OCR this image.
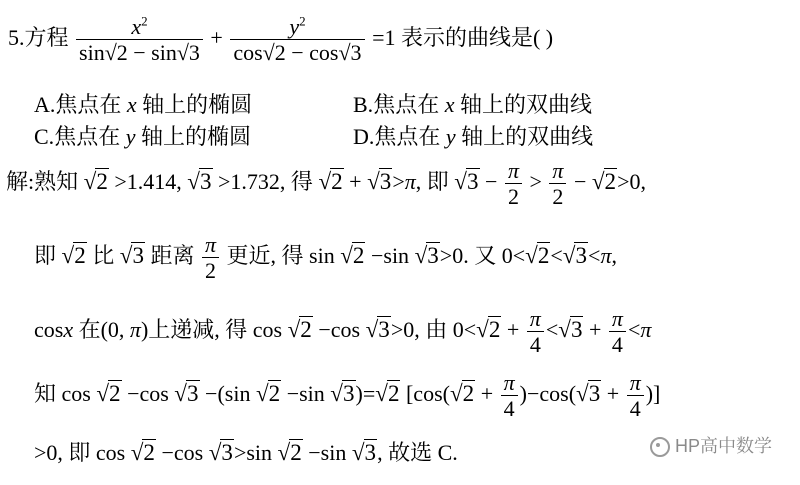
5.方程 $\frac{x^2}{\sin√2 - \sin√3} + \frac{y^2}{\cos√2 - \cos√3} =1$ 表示的曲线是( )
A.焦点在 x 轴上的椭圆	B.焦点在 x 轴上的双曲线
C.焦点在 y 轴上的椭圆	D.焦点在 y 轴上的双曲线
解:熟知 √2 >1.414, √3 >1.732, 得 √2 + √3>π, 即 $√3 - \frac{\pi}{2} > \frac{\pi}{2} - √2>0$,
即 √2 比 √3 距离 $\frac{\pi}{2}$ 更近, 得 sin √2 −sin √3>0. 又 0<√2<√3<π,
cosx 在(0, π)上递减, 得 cos √2 −cos √3>0, 由 $0<√2 + \frac{\pi}{4} <√3 + \frac{\pi}{4} <\pi$
知 cos √2 −cos √3 −(sin √2 −sin √3)=√2 [$\cos(√2 + \frac{\pi}{4} )-\cos(√3 + \frac{\pi}{4}$ )]
>0, 即 cos √2 −cos √3>sin √2 −sin √3, 故选 C.	HP高中数学
